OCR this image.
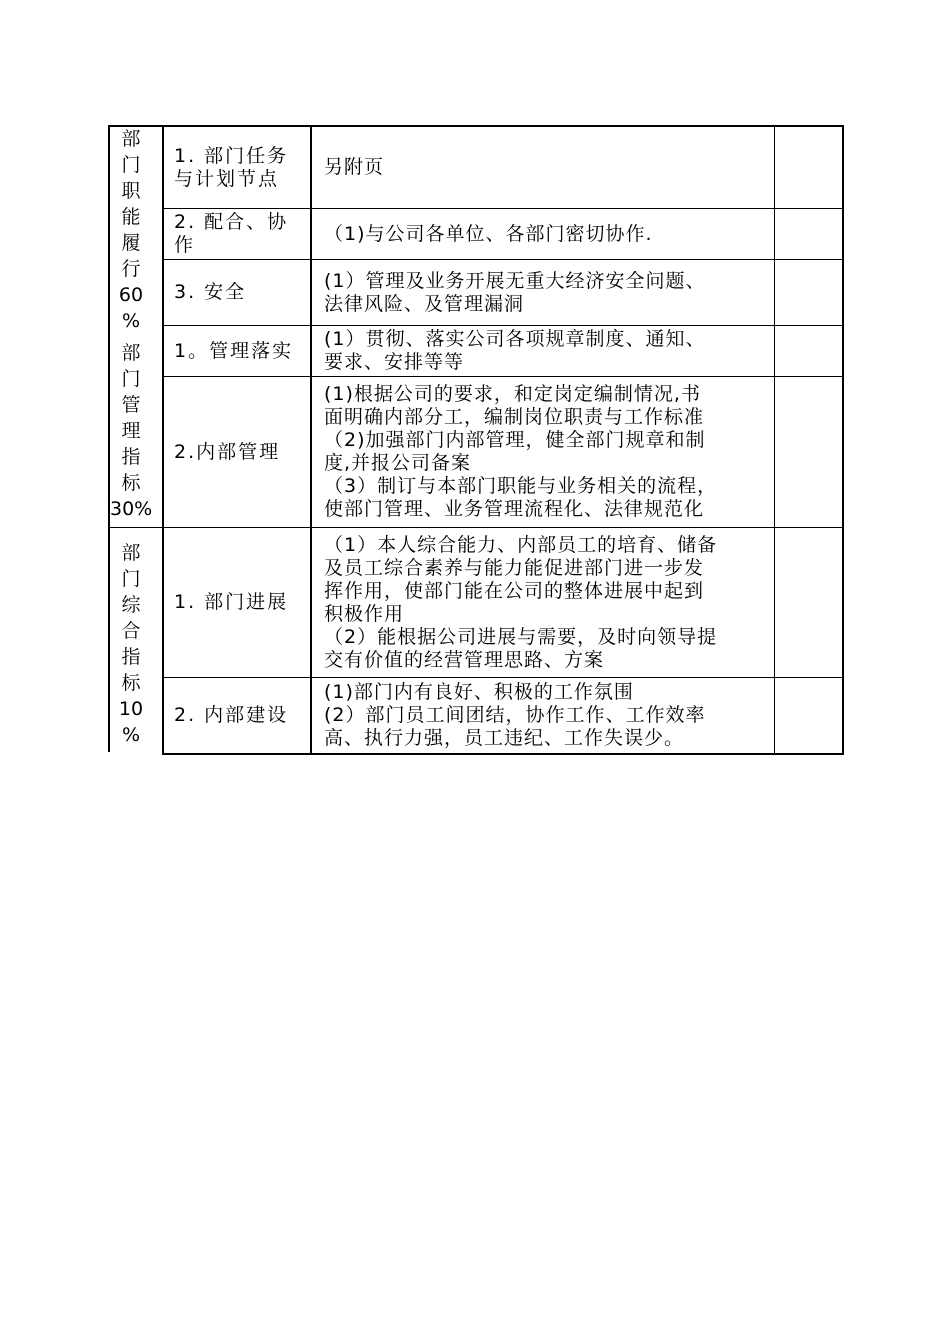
部
门
职
能
履
行
60
%
部
门
管
理
指
标
30%
部
门
综
合
指
标
10
%
1. 部门任务 与计划节点
另附页
2. 配合、协 作
（1)与公司各单位、各部门密切协作.
3. 安全
(1）管理及业务开展无重大经济安全问题、
法律风险、及管理漏洞
1。管理落实
(1）贯彻、落实公司各项规章制度、通知、
要求、安排等等
2.内部管理
(1)根据公司的要求，和定岗定编制情况,书
面明确内部分工，编制岗位职责与工作标准
（2)加强部门内部管理，健全部门规章和制
度,并报公司备案
（3）制订与本部门职能与业务相关的流程，
使部门管理、业务管理流程化、法律规范化
1. 部门进展
（1）本人综合能力、内部员工的培育、储备
及员工综合素养与能力能促进部门进一步发
挥作用，使部门能在公司的整体进展中起到
积极作用
（2）能根据公司进展与需要，及时向领导提
交有价值的经营管理思路、方案
2. 内部建设
(1)部门内有良好、积极的工作氛围
(2）部门员工间团结，协作工作、工作效率
高、执行力强，员工违纪、工作失误少。
